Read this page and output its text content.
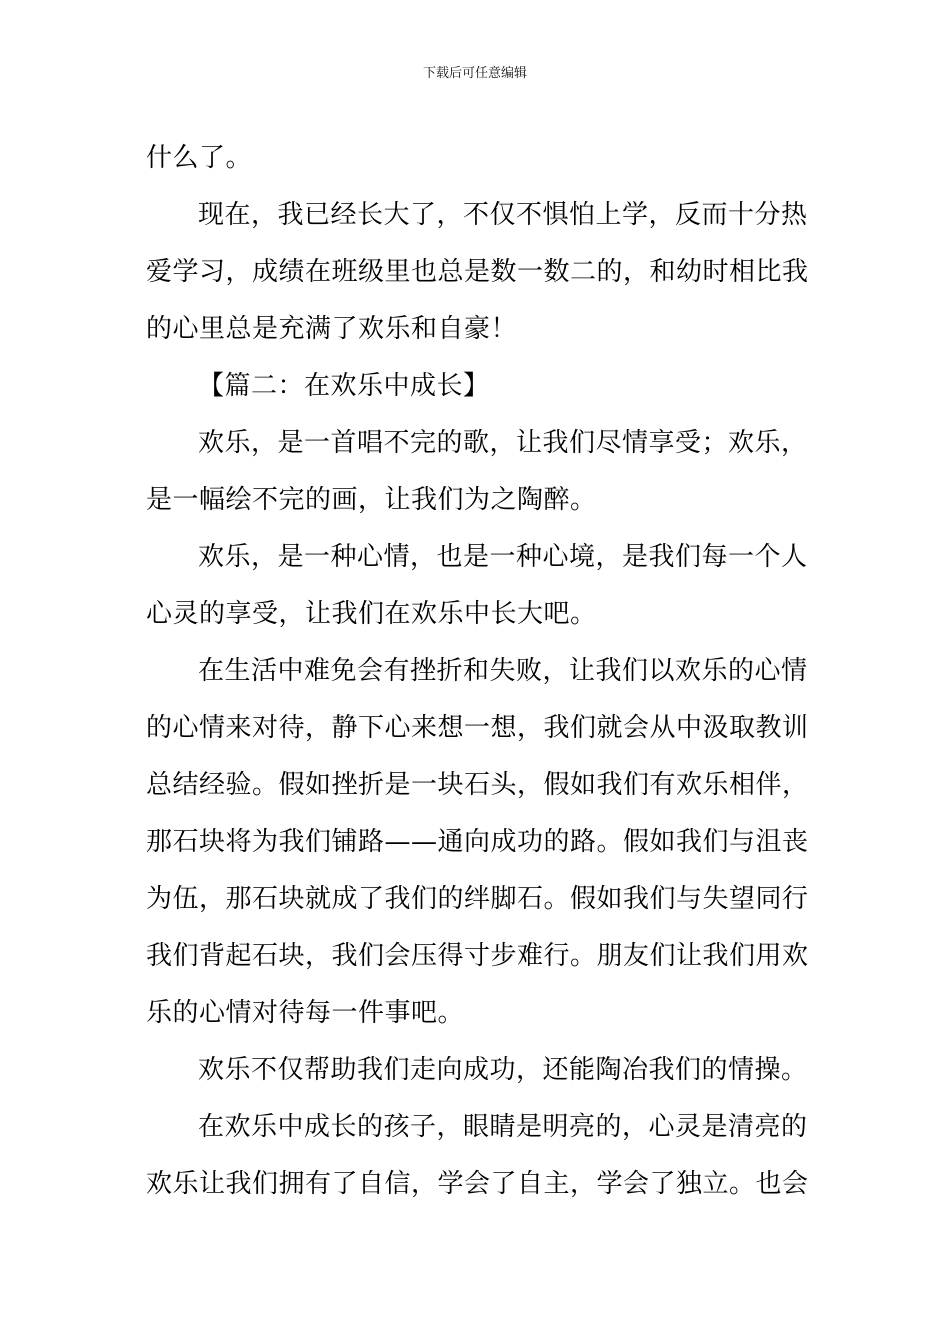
下载后可任意编辑

什么了。

现在，我已经长大了，不仅不惧怕上学，反而十分热爱学习，成绩在班级里也总是数一数二的，和幼时相比我的心里总是充满了欢乐和自豪！

【篇二：在欢乐中成长】

欢乐，是一首唱不完的歌，让我们尽情享受；欢乐，是一幅绘不完的画，让我们为之陶醉。

欢乐，是一种心情，也是一种心境，是我们每一个人心灵的享受，让我们在欢乐中长大吧。

在生活中难免会有挫折和失败，让我们以欢乐的心情的心情来对待，静下心来想一想，我们就会从中汲取教训总结经验。假如挫折是一块石头，假如我们有欢乐相伴，那石块将为我们铺路——通向成功的路。假如我们与沮丧为伍，那石块就成了我们的绊脚石。假如我们与失望同行我们背起石块，我们会压得寸步难行。朋友们让我们用欢乐的心情对待每一件事吧。

欢乐不仅帮助我们走向成功，还能陶冶我们的情操。

在欢乐中成长的孩子，眼睛是明亮的，心灵是清亮的欢乐让我们拥有了自信，学会了自主，学会了独立。也会
